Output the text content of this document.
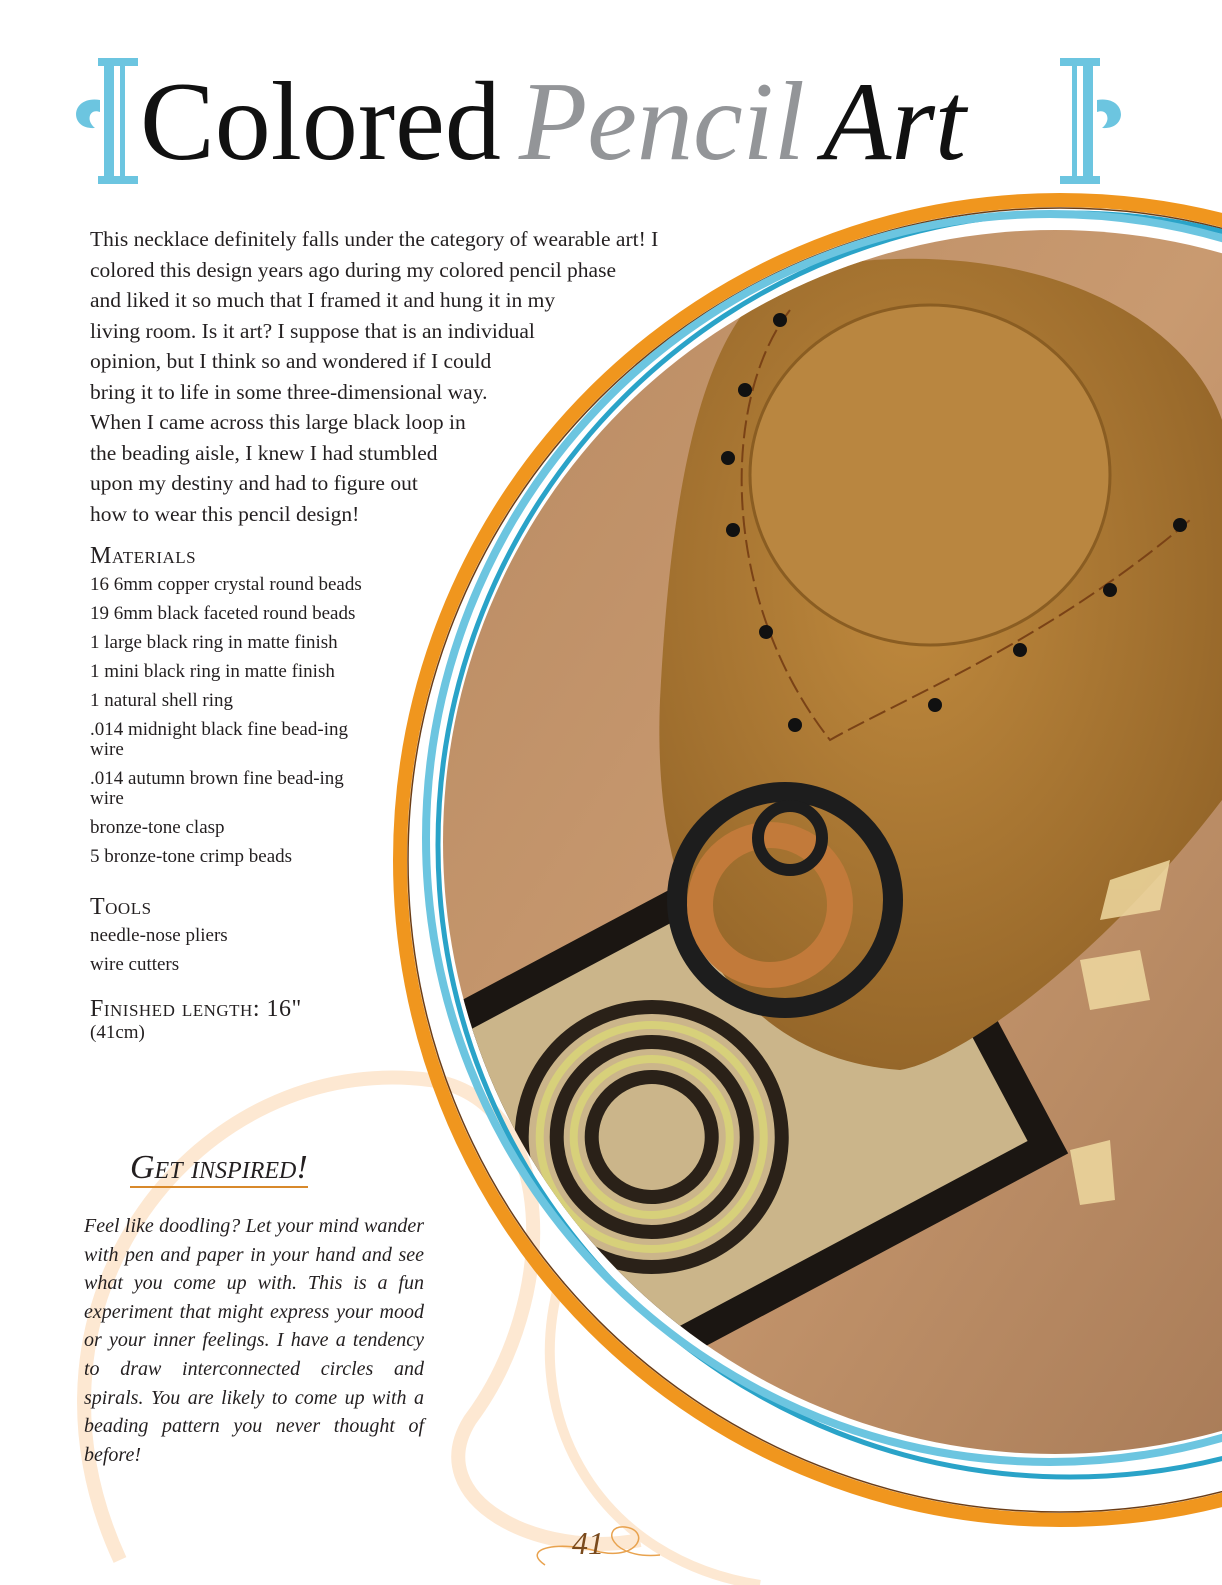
Colored Pencil Art

This necklace definitely falls under the category of wearable art! I
colored this design years ago during my colored pencil phase
and liked it so much that I framed it and hung it in my
living room. Is it art? I suppose that is an individual
opinion, but I think so and wondered if I could
bring it to life in some three-dimensional way.
When I came across this large black loop in
the beading aisle, I knew I had stumbled
upon my destiny and had to figure out
how to wear this pencil design!

Materials
16 6mm copper crystal round beads
19 6mm black faceted round beads
1 large black ring in matte finish
1 mini black ring in matte finish
1 natural shell ring
.014 midnight black fine bead-ing wire
.014 autumn brown fine bead-ing wire
bronze-tone clasp
5 bronze-tone crimp beads
Tools
needle-nose pliers
wire cutters
Finished length: 16"
(41cm)
Get inspired!

Feel like doodling? Let your mind wander with pen and paper in your hand and see what you come up with. This is a fun experiment that might express your mood or your inner feelings. I have a tendency to draw interconnected circles and spirals. You are likely to come up with a beading pattern you never thought of before!

41
